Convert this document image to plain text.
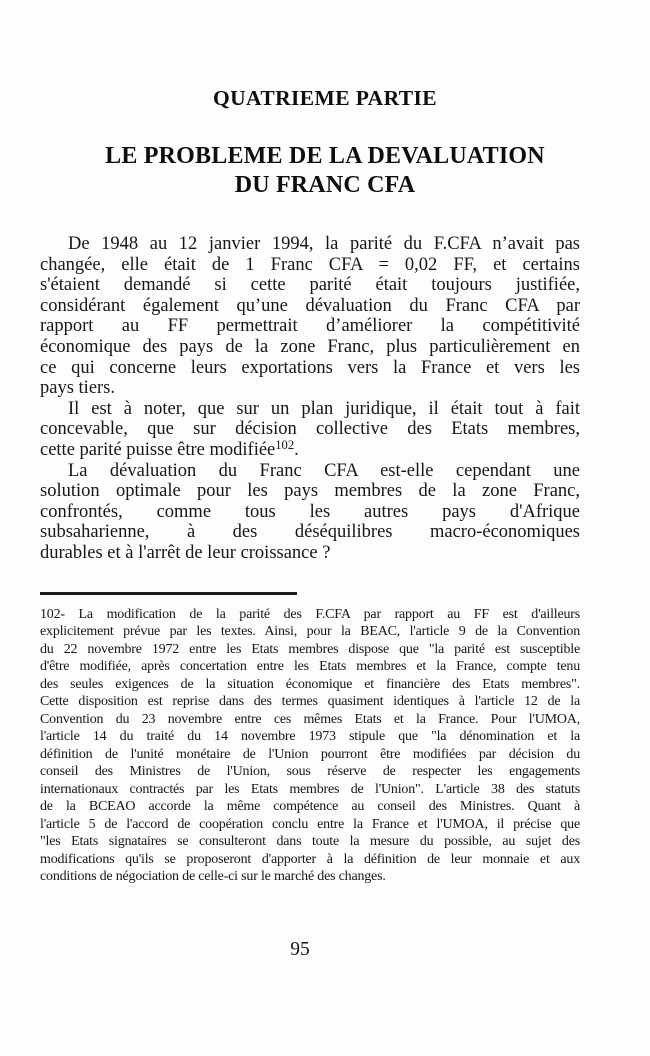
QUATRIEME PARTIE
LE PROBLEME DE LA DEVALUATION
DU FRANC CFA
De 1948 au 12 janvier 1994, la parité du F.CFA n’avait pas
changée, elle était de 1 Franc CFA = 0,02 FF, et certains
s'étaient demandé si cette parité était toujours justifiée,
considérant également qu’une dévaluation du Franc CFA par
rapport au FF permettrait d’améliorer la compétitivité
économique des pays de la zone Franc, plus particulièrement en
ce qui concerne leurs exportations vers la France et vers les
pays tiers.
Il est à noter, que sur un plan juridique, il était tout à fait
concevable, que sur décision collective des Etats membres,
cette parité puisse être modifiée$^{102}$.
La dévaluation du Franc CFA est-elle cependant une
solution optimale pour les pays membres de la zone Franc,
confrontés, comme tous les autres pays d'Afrique
subsaharienne, à des déséquilibres macro-économiques
durables et à l'arrêt de leur croissance ?
102- La modification de la parité des F.CFA par rapport au FF est d'ailleurs
explicitement prévue par les textes. Ainsi, pour la BEAC, l'article 9 de la Convention
du 22 novembre 1972 entre les Etats membres dispose que "la parité est susceptible
d'être modifiée, après concertation entre les Etats membres et la France, compte tenu
des seules exigences de la situation économique et financière des Etats membres".
Cette disposition est reprise dans des termes quasiment identiques à l'article 12 de la
Convention du 23 novembre entre ces mêmes Etats et la France. Pour l'UMOA,
l'article 14 du traité du 14 novembre 1973 stipule que "la dénomination et la
définition de l'unité monétaire de l'Union pourront être modifiées par décision du
conseil des Ministres de l'Union, sous réserve de respecter les engagements
internationaux contractés par les Etats membres de l'Union". L'article 38 des statuts
de la BCEAO accorde la même compétence au conseil des Ministres. Quant à
l'article 5 de l'accord de coopération conclu entre la France et l'UMOA, il précise que
"les Etats signataires se consulteront dans toute la mesure du possible, au sujet des
modifications qu'ils se proposeront d'apporter à la définition de leur monnaie et aux
conditions de négociation de celle-ci sur le marché des changes.
95
